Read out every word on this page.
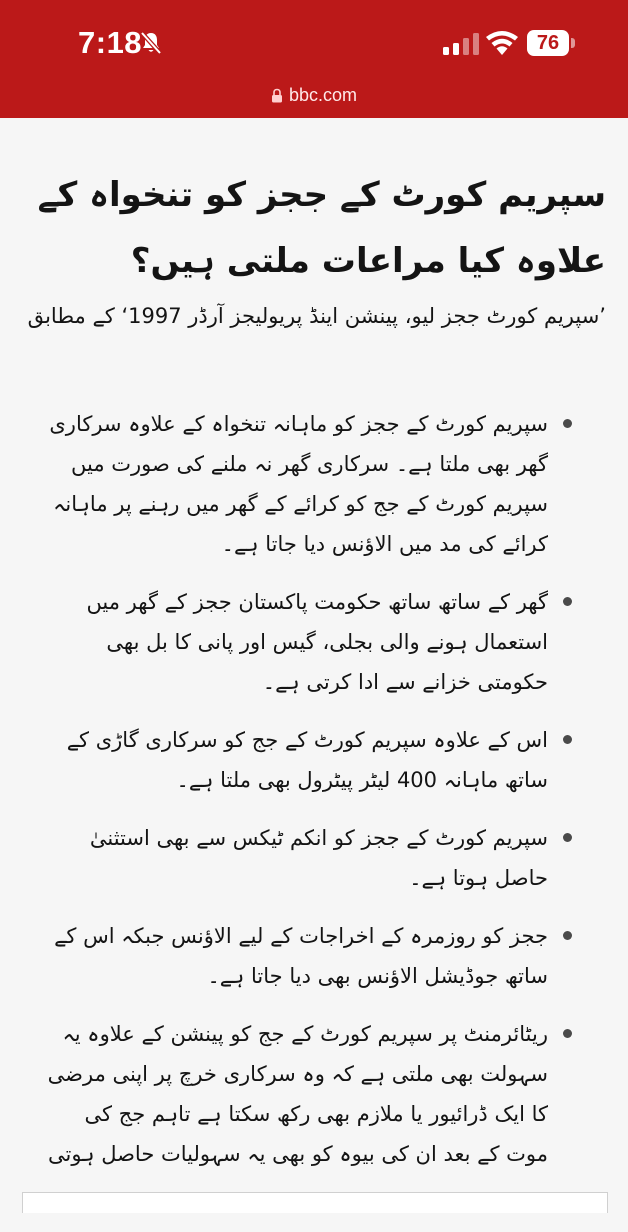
7:18	76
bbc.com
سپریم کورٹ کے ججز کو تنخواہ کے علاوہ کیا مراعات ملتی ہیں؟

’سپریم کورٹ ججز لیو، پینشن اینڈ پریولیجز آرڈر 1997‘ کے مطابق

سپریم کورٹ کے ججز کو ماہانہ تنخواہ کے علاوہ سرکاری گھر بھی ملتا ہے۔ سرکاری گھر نہ ملنے کی صورت میں سپریم کورٹ کے جج کو کرائے کے گھر میں رہنے پر ماہانہ کرائے کی مد میں الاؤنس دیا جاتا ہے۔
گھر کے ساتھ ساتھ حکومت پاکستان ججز کے گھر میں استعمال ہونے والی بجلی، گیس اور پانی کا بل بھی حکومتی خزانے سے ادا کرتی ہے۔
اس کے علاوہ سپریم کورٹ کے جج کو سرکاری گاڑی کے ساتھ ماہانہ 400 لیٹر پیٹرول بھی ملتا ہے۔
سپریم کورٹ کے ججز کو انکم ٹیکس سے بھی استثنیٰ حاصل ہوتا ہے۔
ججز کو روزمرہ کے اخراجات کے لیے الاؤنس جبکہ اس کے ساتھ جوڈیشل الاؤنس بھی دیا جاتا ہے۔
ریٹائرمنٹ پر سپریم کورٹ کے جج کو پینشن کے علاوہ یہ سہولت بھی ملتی ہے کہ وہ سرکاری خرچ پر اپنی مرضی کا ایک ڈرائیور یا ملازم بھی رکھ سکتا ہے تاہم جج کی موت کے بعد ان کی بیوہ کو بھی یہ سہولیات حاصل ہوتی
